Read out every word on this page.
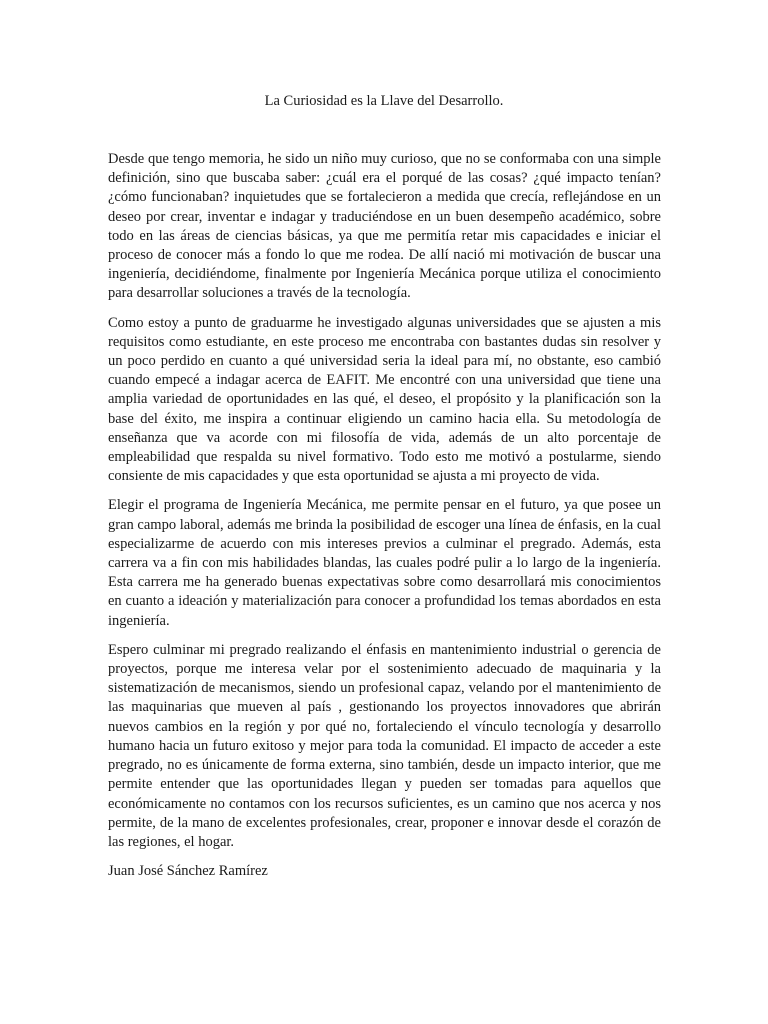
La Curiosidad es la Llave del Desarrollo.

Desde que tengo memoria, he sido un niño muy curioso, que no se conformaba con una simple definición, sino que buscaba saber: ¿cuál era el porqué de las cosas? ¿qué impacto tenían? ¿cómo funcionaban? inquietudes que se fortalecieron a medida que crecía, reflejándose en un deseo por crear, inventar e indagar y traduciéndose en un buen desempeño académico, sobre todo en las áreas de ciencias básicas, ya que me permitía retar mis capacidades e iniciar el proceso de conocer más a fondo lo que me rodea. De allí nació mi motivación de buscar una ingeniería, decidiéndome, finalmente por Ingeniería Mecánica porque utiliza el conocimiento para desarrollar soluciones a través de la tecnología.

Como estoy a punto de graduarme he investigado algunas universidades que se ajusten a mis requisitos como estudiante, en este proceso me encontraba con bastantes dudas sin resolver y un poco perdido en cuanto a qué universidad seria la ideal para mí, no obstante, eso cambió cuando empecé a indagar acerca de EAFIT. Me encontré con una universidad que tiene una amplia variedad de oportunidades en las qué, el deseo, el propósito y la planificación son la base del éxito, me inspira a continuar eligiendo un camino hacia ella. Su metodología de enseñanza que va acorde con mi filosofía de vida, además de un alto porcentaje de empleabilidad que respalda su nivel formativo. Todo esto me motivó a postularme, siendo consiente de mis capacidades y que esta oportunidad se ajusta a mi proyecto de vida.

Elegir el programa de Ingeniería Mecánica, me permite pensar en el futuro, ya que posee un gran campo laboral, además me brinda la posibilidad de escoger una línea de énfasis, en la cual especializarme de acuerdo con mis intereses previos a culminar el pregrado. Además, esta carrera va a fin con mis habilidades blandas, las cuales podré pulir a lo largo de la ingeniería. Esta carrera me ha generado buenas expectativas sobre como desarrollará mis conocimientos en cuanto a ideación y materialización para conocer a profundidad los temas abordados en esta ingeniería.

Espero culminar mi pregrado realizando el énfasis en mantenimiento industrial o gerencia de proyectos, porque me interesa velar por el sostenimiento adecuado de maquinaria y la sistematización de mecanismos, siendo un profesional capaz, velando por el mantenimiento de las maquinarias que mueven al país , gestionando los proyectos innovadores que abrirán nuevos cambios en la región y por qué no, fortaleciendo el vínculo tecnología y desarrollo humano hacia un futuro exitoso y mejor para toda la comunidad. El impacto de acceder a este pregrado, no es únicamente de forma externa, sino también, desde un impacto interior, que me permite entender que las oportunidades llegan y pueden ser tomadas para aquellos que económicamente no contamos con los recursos suficientes, es un camino que nos acerca y nos permite, de la mano de excelentes profesionales, crear, proponer e innovar desde el corazón de las regiones, el hogar.

Juan José Sánchez Ramírez
